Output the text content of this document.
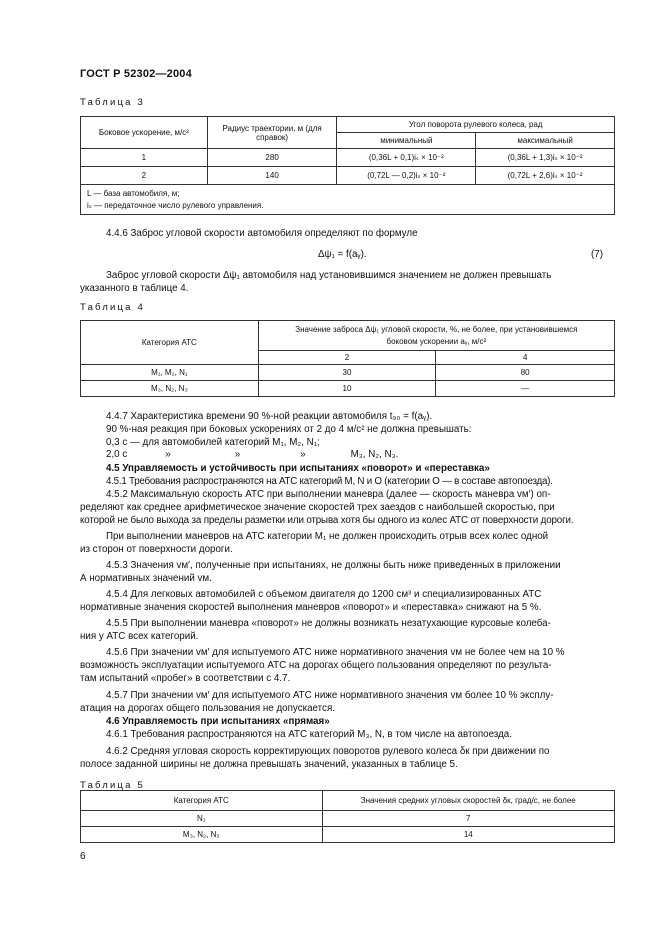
ГОСТ Р 52302—2004
Таблица 3
Боковое ускорение, м/с²	Радиус траектории, м (для справок)	Угол поворота рулевого колеса, рад	
		минимальный	максимальный
1	280	(0,36L + 0,1)iₛ × 10⁻²	(0,36L + 1,3)iₛ × 10⁻²
2	140	(0,72L — 0,2)iₛ × 10⁻²	(0,72L + 2,6)iₛ × 10⁻²

L — база автомобиля, м;
iₛ — передаточное число рулевого управления.			
4.4.6 Заброс угловой скорости автомобиля определяют по формуле
Δψ₁ = f(aᵧ).	(7)
Заброс угловой скорости Δψ₁ автомобиля над установившимся значением не должен превышать
указанного в таблице 4.
Таблица 4
Категория АТС	Значение заброса Δψ₁ угловой скорости, %, не более, при установившемся
боковом ускорении aᵧ, м/с²	

	2	4
M₁, M₂, N₁	30	80
M₃, N₂, N₃	10	—
4.4.7 Характеристика времени 90 %-ной реакции автомобиля t₉₀ = f(aᵧ).
90 %-ная реакция при боковых ускорениях от 2 до 4 м/с² не должна превышать:
0,3 с — для автомобилей категорий M₁, M₂, N₁;
2,0 с	»	»	»	M₃, N₂, N₃.
4.5 Управляемость и устойчивость при испытаниях «поворот» и «переставка»
4.5.1 Требования распространяются на АТС категорий M, N и O (категории O — в составе автопоезда).
4.5.2 Максимальную скорость АТС при выполнении маневра (далее — скорость маневра vм′) оп-
ределяют как среднее арифметическое значение скоростей трех заездов с наибольшей скоростью, при
которой не было выхода за пределы разметки или отрыва хотя бы одного из колес АТС от поверхности дороги.
При выполнении маневров на АТС категории M₁ не должен происходить отрыв всех колес одной
из сторон от поверхности дороги.
4.5.3 Значения vм′, полученные при испытаниях, не должны быть ниже приведенных в приложении
А нормативных значений vм.
4.5.4 Для легковых автомобилей с объемом двигателя до 1200 см³ и специализированных АТС
нормативные значения скоростей выполнения маневров «поворот» и «переставка» снижают на 5 %.
4.5.5 При выполнении маневра «поворот» не должны возникать незатухающие курсовые колеба-
ния у АТС всех категорий.
4.5.6 При значении vм′ для испытуемого АТС ниже нормативного значения vм не более чем на 10 %
возможность эксплуатации испытуемого АТС на дорогах общего пользования определяют по результа-
там испытаний «пробег» в соответствии с 4.7.
4.5.7 При значении vм′ для испытуемого АТС ниже нормативного значения vм более 10 % эксплу-
атация на дорогах общего пользования не допускается.
4.6 Управляемость при испытаниях «прямая»
4.6.1 Требования распространяются на АТС категорий M₃, N, в том числе на автопоезда.
4.6.2 Средняя угловая скорость корректирующих поворотов рулевого колеса δк при движении по
полосе заданной ширины не должна превышать значений, указанных в таблице 5.
Таблица 5
Категория АТС	Значения средних угловых скоростей δк, град/с, не более
N₁	7
M₃, N₂, N₃	14
6
